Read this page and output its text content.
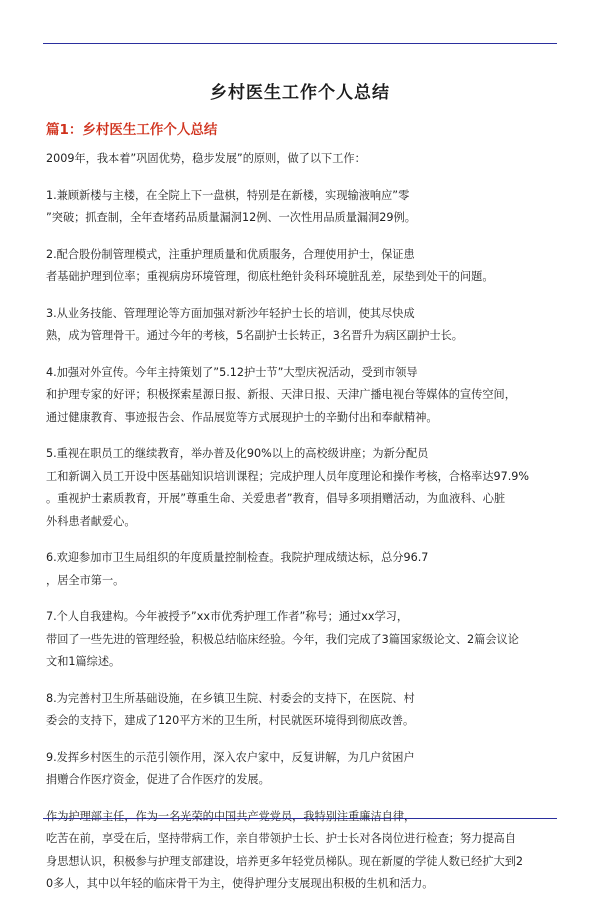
乡村医生工作个人总结
篇1：乡村医生工作个人总结

2009年，我本着”巩固优势，稳步发展”的原则，做了以下工作：

1.兼顾新楼与主楼，在全院上下一盘棋，特别是在新楼，实现输液响应”零
”突破；抓查制，全年查堵药品质量漏洞12例、一次性用品质量漏洞29例。

2.配合股份制管理模式，注重护理质量和优质服务，合理使用护士，保证患
者基础护理到位率；重视病房环境管理，彻底杜绝针灸科环境脏乱差，尿垫到处干的问题。

3.从业务技能、管理理论等方面加强对新沙年轻护士长的培训，使其尽快成
熟，成为管理骨干。通过今年的考核，5名副护士长转正，3名晋升为病区副护士长。

4.加强对外宣传。今年主持策划了”5.12护士节”大型庆祝活动，受到市领导
和护理专家的好评；积极探索星源日报、新报、天津日报、天津广播电视台等媒体的宣传空间，
通过健康教育、事迹报告会、作品展览等方式展现护士的辛勤付出和奉献精神。

5.重视在职员工的继续教育，举办普及化90%以上的高校级讲座；为新分配员
工和新调入员工开设中医基础知识培训课程；完成护理人员年度理论和操作考核，合格率达97.9%
。重视护士素质教育，开展”尊重生命、关爱患者”教育，倡导多项捐赠活动，为血液科、心脏
外科患者献爱心。

6.欢迎参加市卫生局组织的年度质量控制检查。我院护理成绩达标，总分96.7
，居全市第一。

7.个人自我建构。今年被授予”xx市优秀护理工作者”称号；通过xx学习，
带回了一些先进的管理经验，积极总结临床经验。今年，我们完成了3篇国家级论文、2篇会议论
文和1篇综述。

8.为完善村卫生所基础设施，在乡镇卫生院、村委会的支持下，在医院、村
委会的支持下，建成了120平方米的卫生所，村民就医环境得到彻底改善。

9.发挥乡村医生的示范引领作用，深入农户家中，反复讲解，为几户贫困户
捐赠合作医疗资金，促进了合作医疗的发展。

作为护理部主任，作为一名光荣的中国共产党党员，我特别注重廉洁自律，
吃苦在前，享受在后，坚持带病工作，亲自带领护士长、护士长对各岗位进行检查；努力提高自
身思想认识，积极参与护理支部建设，培养更多年轻党员梯队。现在新厦的学徒人数已经扩大到2
0多人，其中以年轻的临床骨干为主，使得护理分支展现出积极的生机和活力。
